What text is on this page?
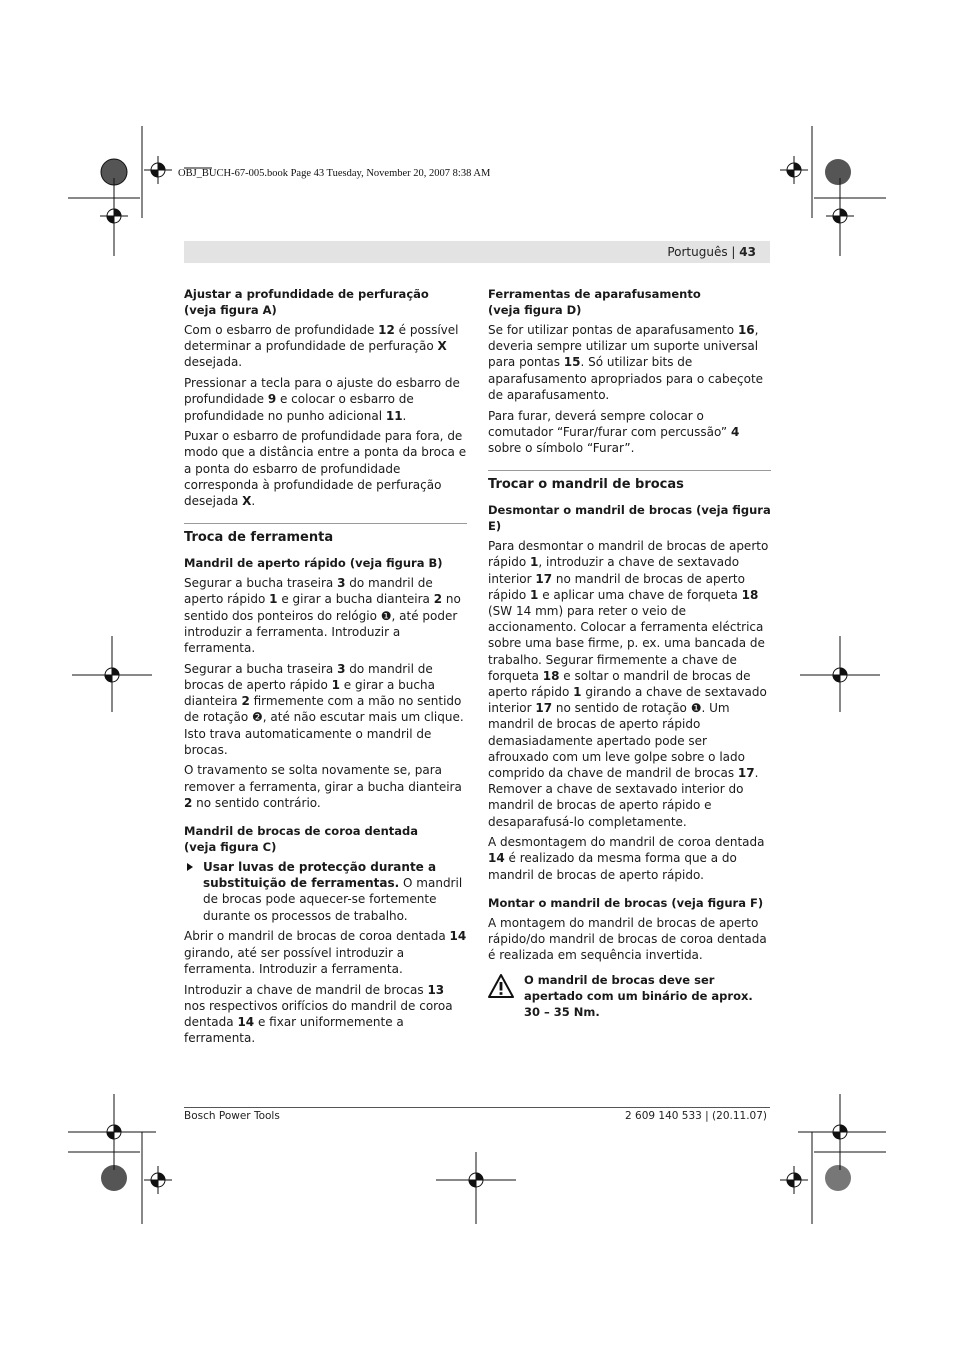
OBJ_BUCH-67-005.book Page 43 Tuesday, November 20, 2007 8:38 AM
Português | 43
Ajustar a profundidade de perfuração
(veja figura A)

Com o esbarro de profundidade 12 é possível determinar a profundidade de perfuração X desejada.

Pressionar a tecla para o ajuste do esbarro de profundidade 9 e colocar o esbarro de profundidade no punho adicional 11.

Puxar o esbarro de profundidade para fora, de modo que a distância entre a ponta da broca e a ponta do esbarro de profundidade corresponda à profundidade de perfuração desejada X.

Troca de ferramenta
Mandril de aperto rápido (veja figura B)

Segurar a bucha traseira 3 do mandril de aperto rápido 1 e girar a bucha dianteira 2 no sentido dos ponteiros do relógio ❶, até poder introduzir a ferramenta. Introduzir a ferramenta.

Segurar a bucha traseira 3 do mandril de brocas de aperto rápido 1 e girar a bucha dianteira 2 firmemente com a mão no sentido de rotação ❷, até não escutar mais um clique. Isto trava automaticamente o mandril de brocas.

O travamento se solta novamente se, para remover a ferramenta, girar a bucha dianteira 2 no sentido contrário.

Mandril de brocas de coroa dentada
(veja figura C)
Usar luvas de protecção durante a substituição de ferramentas. O mandril de brocas pode aquecer-se fortemente durante os processos de trabalho.

Abrir o mandril de brocas de coroa dentada 14 girando, até ser possível introduzir a ferramenta. Introduzir a ferramenta.

Introduzir a chave de mandril de brocas 13 nos respectivos orifícios do mandril de coroa dentada 14 e fixar uniformemente a ferramenta.

Ferramentas de aparafusamento
(veja figura D)

Se for utilizar pontas de aparafusamento 16, deveria sempre utilizar um suporte universal para pontas 15. Só utilizar bits de aparafusamento apropriados para o cabeçote de aparafusamento.

Para furar, deverá sempre colocar o comutador “Furar/furar com percussão” 4 sobre o símbolo “Furar”.

Trocar o mandril de brocas
Desmontar o mandril de brocas (veja figura E)

Para desmontar o mandril de brocas de aperto rápido 1, introduzir a chave de sextavado interior 17 no mandril de brocas de aperto rápido 1 e aplicar uma chave de forqueta 18 (SW 14 mm) para reter o veio de accionamento. Colocar a ferramenta eléctrica sobre uma base firme, p. ex. uma bancada de trabalho. Segurar firmemente a chave de forqueta 18 e soltar o mandril de brocas de aperto rápido 1 girando a chave de sextavado interior 17 no sentido de rotação ❶. Um mandril de brocas de aperto rápido demasiadamente apertado pode ser afrouxado com um leve golpe sobre o lado comprido da chave de mandril de brocas 17. Remover a chave de sextavado interior do mandril de brocas de aperto rápido e desaparafusá-lo completamente.

A desmontagem do mandril de coroa dentada 14 é realizado da mesma forma que a do mandril de brocas de aperto rápido.

Montar o mandril de brocas (veja figura F)

A montagem do mandril de brocas de aperto rápido/do mandril de brocas de coroa dentada é realizada em sequência invertida.

O mandril de brocas deve ser apertado com um binário de aprox. 30 – 35 Nm.
Bosch Power Tools	2 609 140 533 | (20.11.07)
